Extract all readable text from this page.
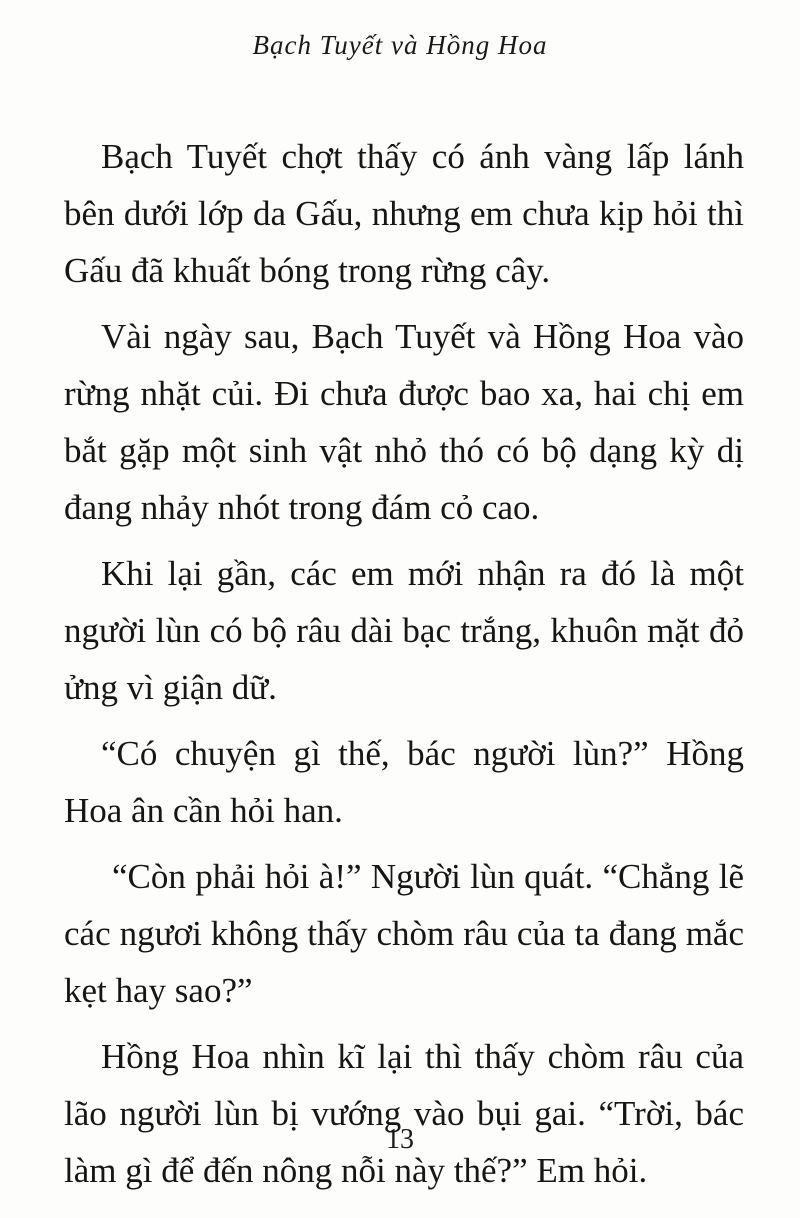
Bạch Tuyết và Hồng Hoa

Bạch Tuyết chợt thấy có ánh vàng lấp lánh bên dưới lớp da Gấu, nhưng em chưa kịp hỏi thì Gấu đã khuất bóng trong rừng cây.

Vài ngày sau, Bạch Tuyết và Hồng Hoa vào rừng nhặt củi. Đi chưa được bao xa, hai chị em bắt gặp một sinh vật nhỏ thó có bộ dạng kỳ dị đang nhảy nhót trong đám cỏ cao.

Khi lại gần, các em mới nhận ra đó là một người lùn có bộ râu dài bạc trắng, khuôn mặt đỏ ửng vì giận dữ.

“Có chuyện gì thế, bác người lùn?” Hồng Hoa ân cần hỏi han.

“Còn phải hỏi à!” Người lùn quát. “Chẳng lẽ các ngươi không thấy chòm râu của ta đang mắc kẹt hay sao?”

Hồng Hoa nhìn kĩ lại thì thấy chòm râu của lão người lùn bị vướng vào bụi gai. “Trời, bác làm gì để đến nông nỗi này thế?” Em hỏi.

13
